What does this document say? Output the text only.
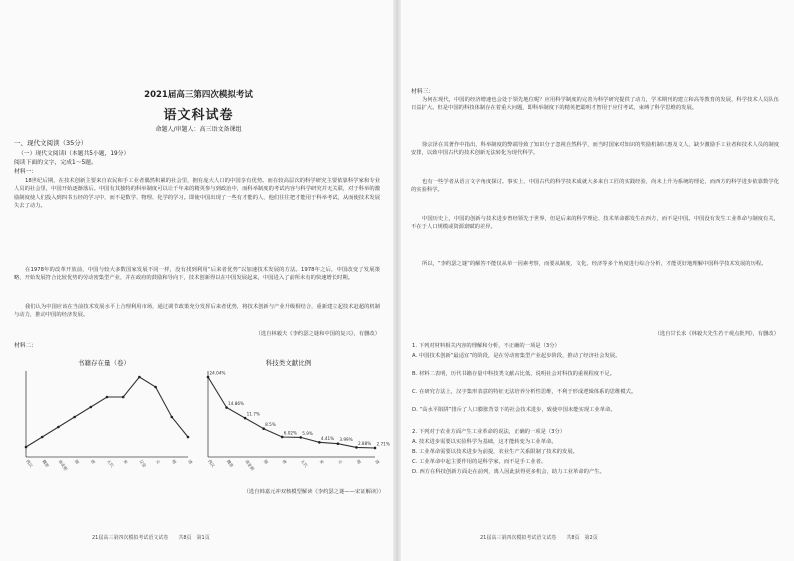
2021届高三第四次模拟考试
语文科试卷
命题人/审题人：高三语文备课组
一、现代文阅读（35分）
（一）现代文阅读Ⅰ（本题共5小题，19分）
阅读下面的文字，完成1～5题。
材料一：
18世纪后期，在技术创新主要来自农民和手工业者偶然积累的社会里，拥有庞大人口的中国享有优势。而在较高层次的科学研究主要依靠科学家和专业人员的社会里，中国开始逐渐落后。中国有其独特的科举制度可以让千年来的精英参与到政治中，而科举制度的考试内容与科学研究并无关联，对于科举的激励制度使人们投入到四书五经的学习中，而不是数学、物理、化学的学习。即使中国出现了一些有才能的人，他们往往把才能用于科举考试，从而使技术发展失去了动力。
在1978年的改革开放前，中国与较大多数国家发展不同一样，没有找到利用“后来者优势”以加速技术发展的方法。1978年之后，中国改变了发展策略，开始发展符合比较优势的劳动密集型产业，并在政府的鼓励和导向下，技术创新得以在中国发展起来，中国进入了前所未有的快速增长时期。
我们认为中国应该在当前技术发展水平上合理利用市场，通过调节政策充分发挥后来者优势，将技术创新与产业升级相结合，重新建立起技术赶超的机制与动力，推动中国的经济发展。
（选自林毅夫《李约瑟之谜和中国的复兴》，有删改）
材料二：
书籍存在量（卷）
两汉 魏晋 南北朝 隋 唐 五代 宋 辽金 元 明 清
科技类文献比例
24.04%
两汉
14.86%
魏晋
11.7%
南北朝
8.5%
隋
6.02%
唐
5.9%
五代
4.41%
宋
3.99%
元
2.88%
明
2.71%
清
（选自韩嘉元冲双核模型解读《李约瑟之谜——宋证解读》）
21届高三第四次模拟考试语文试卷　　共8页　第1页
材料三：
为何在现代，中国的经济增速也会处于领先地位呢？应用科学制度的完善为科学研究提供了动力，学术期刊的建立和高等教育的发展，科学技术人员队伍日益扩大。但是中国的科技体制存在着重大问题，即科举制度下的精英把聪明才智用于应付考试，束缚了科学思维的发展。
徐宗泽在其著作中指出，科举制度的弊端导致了知识分子忽视自然科学，而当时国家对知识的奖励机制只惠及文人，缺少激励手工业者和技术人员的制度安排，以致中国古代的技术创新无法转化为现代科学。
也有一些学者从语言文字角度探讨。事实上，中国古代的科学技术成就大多来自工匠的实践经验，尚未上升为系统的理论，而西方的科学进步依靠数学化的实验科学。
中国历史上，中国的创新与技术进步曾经领先于世界，但是后来的科学理论、技术革命都发生在西方，而不是中国。中国没有发生工业革命与制度有关，不在于人口规模或资源禀赋的差异。
所以，“李约瑟之谜”的解答不能仅从单一因素考察，而要从制度、文化、经济等多个角度进行综合分析，才能更好地理解中国科学技术发展的历程。
（选自甘长求《林毅夫先生若干观点批判》，有删改）
1. 下列对材料相关内容的理解和分析，不正确的一项是（3分）
A. 中国技术创新“最适宜”的阶段，是在劳动密集型产业起步阶段，推动了经济社会发展。
B. 材料二表明，历代书籍存量中科技类文献占比低，说明社会对科技的重视程度不足。
C. 在研究方法上，汉字集形表意的特征无法培养分析性思维，不利于形成逻辑体系的思维模式。
D. “高水平陷阱”排斥了人口膨胀背景下的社会技术进步，致使中国未能实现工业革命。
2. 下列对于农业方面产生工业革命的说法，正确的一项是（3分）
A. 技术进步需要以实验科学为基础，这才能转变为工业革命。
B. 工业革命需要以技术进步为前提，农业生产关系限制了技术的发展。
C. 工业革命中起主要作用的是科学家，而不是手工业者。
D. 西方在科技创新方面走在前列，离人因此获得更多机会，助力工业革命的产生。
21届高三第四次模拟考试语文试卷　　共8页　第2页
